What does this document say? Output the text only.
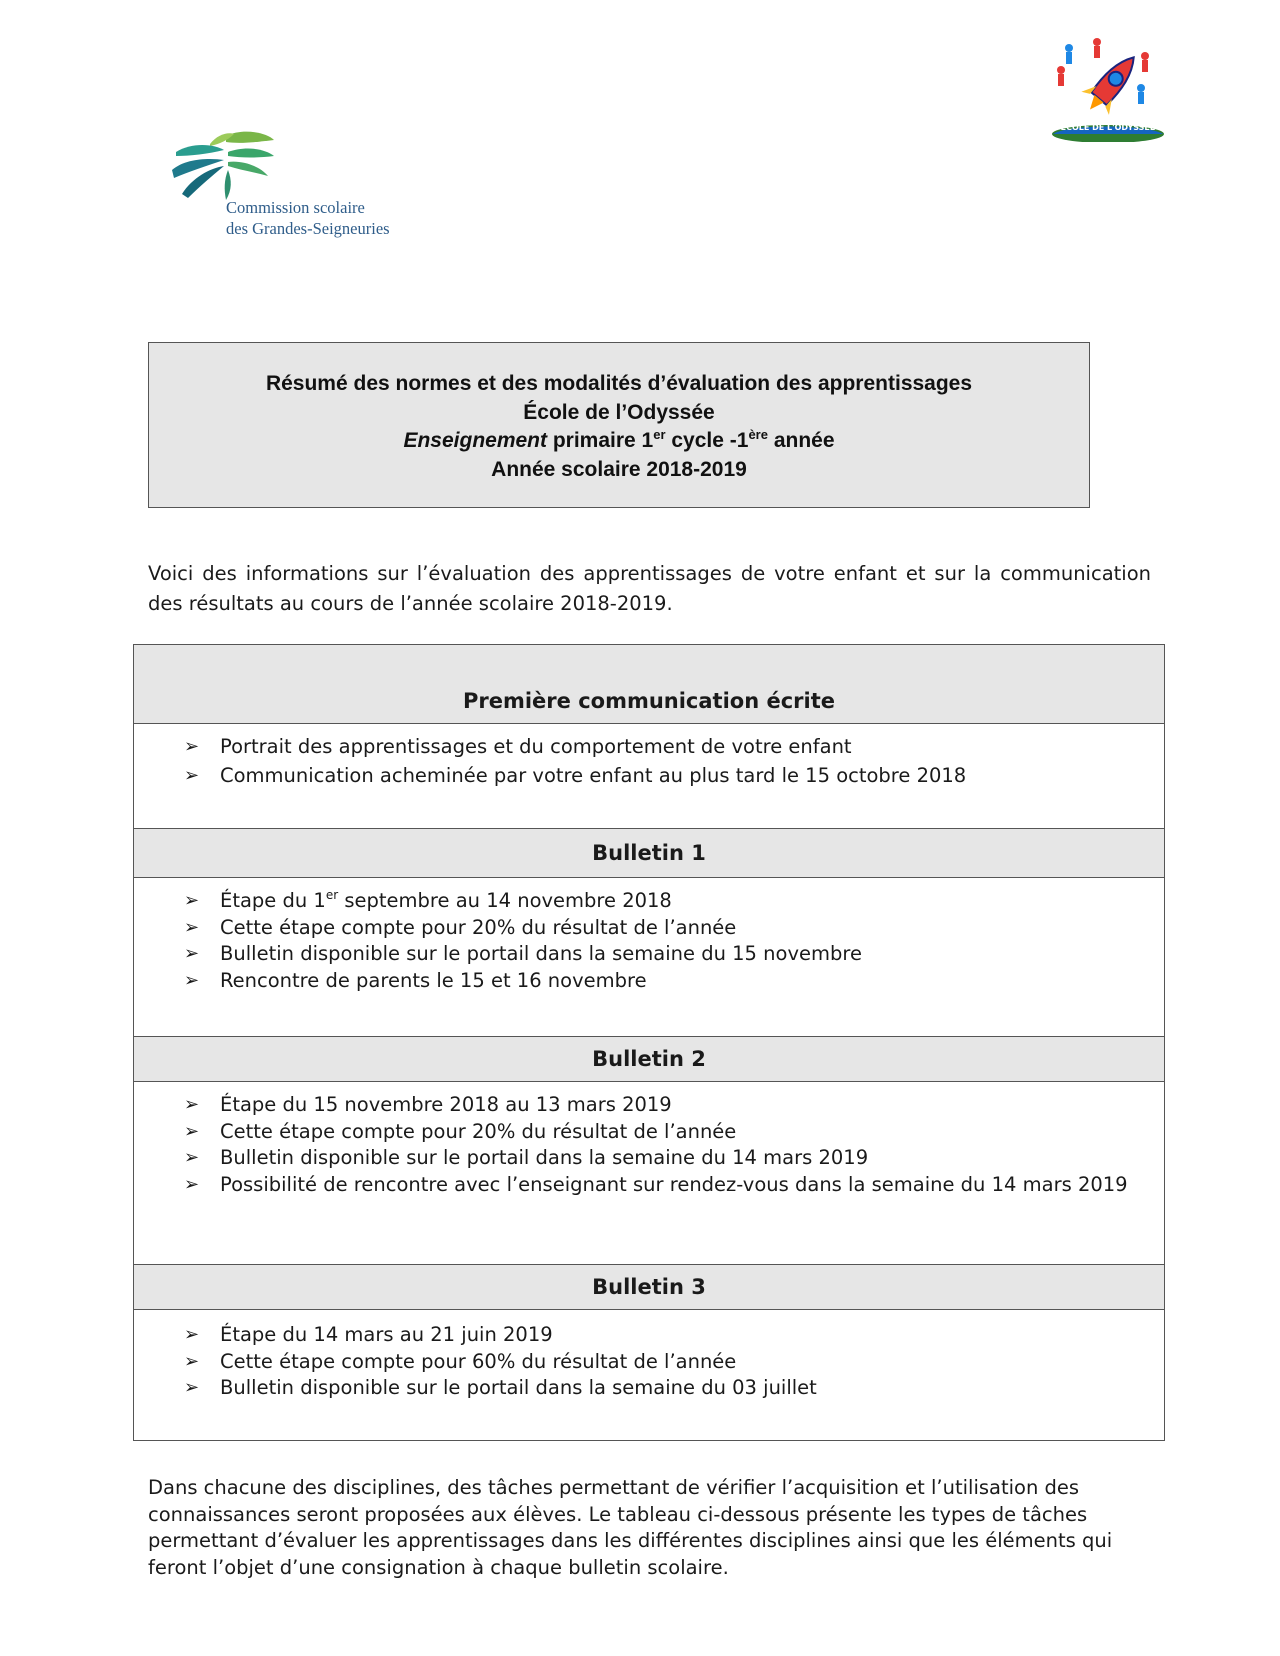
Commission scolaire
des Grandes-Seigneuries
ÉCOLE DE L'ODYSSÉE
Résumé des normes et des modalités d’évaluation des apprentissages
École de l’Odyssée
Enseignement primaire 1er cycle -1ère année
Année scolaire 2018-2019
Voici des informations sur l’évaluation des apprentissages de votre enfant et sur la communication des résultats au cours de l’année scolaire 2018-2019.
Première communication écrite

➢ Portrait des apprentissages et du comportement de votre enfant
➢ Communication acheminée par votre enfant au plus tard le 15 octobre 2018

Bulletin 1

➢ Étape du 1er septembre au 14 novembre 2018
➢ Cette étape compte pour 20% du résultat de l’année
➢ Bulletin disponible sur le portail dans la semaine du 15 novembre
➢ Rencontre de parents le 15 et 16 novembre

Bulletin 2

➢ Étape du 15 novembre 2018 au 13 mars 2019
➢ Cette étape compte pour 20% du résultat de l’année
➢ Bulletin disponible sur le portail dans la semaine du 14 mars 2019
➢ Possibilité de rencontre avec l’enseignant sur rendez-vous dans la semaine du 14 mars 2019

Bulletin 3

➢ Étape du 14 mars au 21 juin 2019
➢ Cette étape compte pour 60% du résultat de l’année
➢ Bulletin disponible sur le portail dans la semaine du 03 juillet
Dans chacune des disciplines, des tâches permettant de vérifier l’acquisition et l’utilisation des connaissances seront proposées aux élèves. Le tableau ci-dessous présente les types de tâches permettant d’évaluer les apprentissages dans les différentes disciplines ainsi que les éléments qui feront l’objet d’une consignation à chaque bulletin scolaire.
